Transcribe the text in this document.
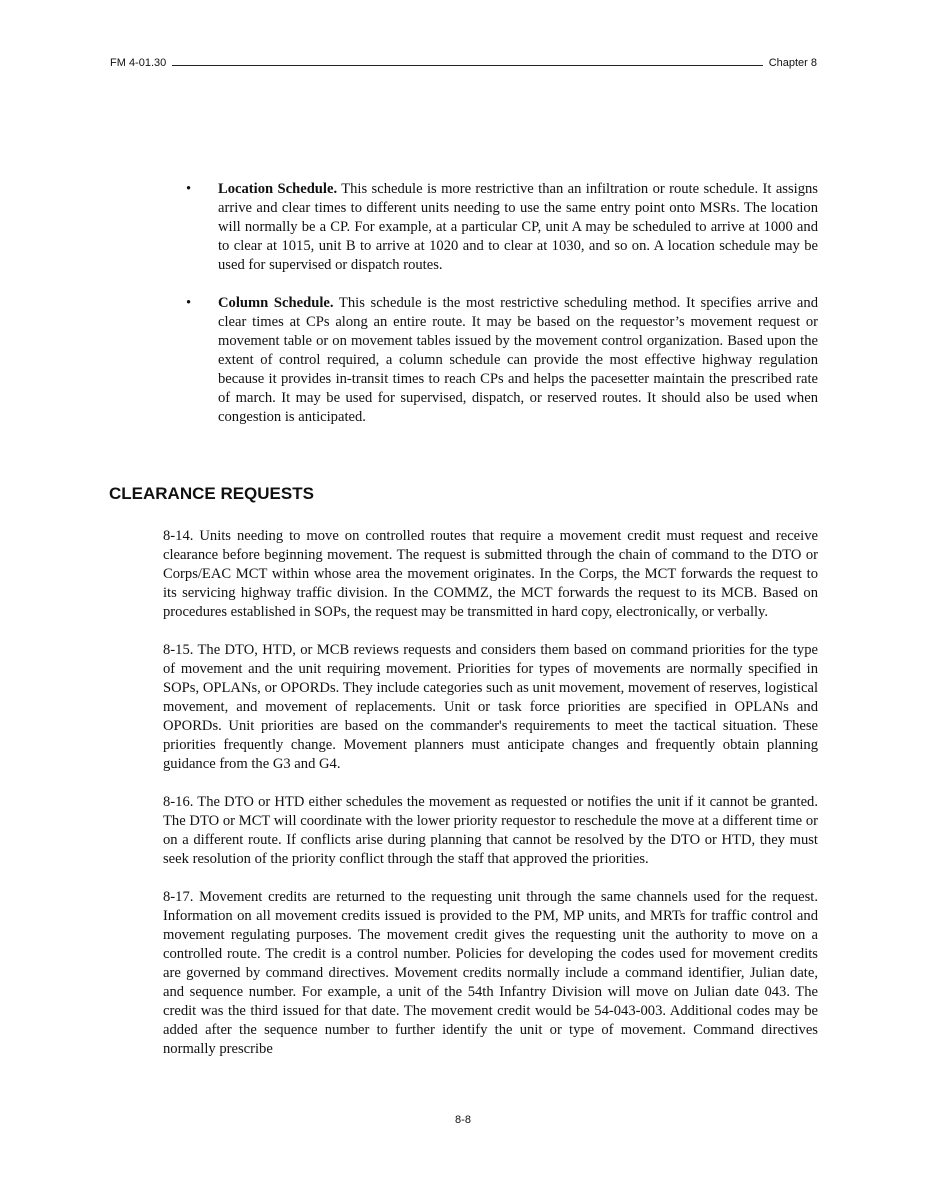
FM 4-01.30	Chapter 8
• Location Schedule. This schedule is more restrictive than an infiltration or route schedule. It assigns arrive and clear times to different units needing to use the same entry point onto MSRs. The location will normally be a CP. For example, at a particular CP, unit A may be scheduled to arrive at 1000 and to clear at 1015, unit B to arrive at 1020 and to clear at 1030, and so on. A location schedule may be used for supervised or dispatch routes.
• Column Schedule. This schedule is the most restrictive scheduling method. It specifies arrive and clear times at CPs along an entire route. It may be based on the requestor’s movement request or movement table or on movement tables issued by the movement control organization. Based upon the extent of control required, a column schedule can provide the most effective highway regulation because it provides in-transit times to reach CPs and helps the pacesetter maintain the prescribed rate of march. It may be used for supervised, dispatch, or reserved routes. It should also be used when congestion is anticipated.
CLEARANCE REQUESTS

8-14. Units needing to move on controlled routes that require a movement credit must request and receive clearance before beginning movement. The request is submitted through the chain of command to the DTO or Corps/EAC MCT within whose area the movement originates. In the Corps, the MCT forwards the request to its servicing highway traffic division. In the COMMZ, the MCT forwards the request to its MCB. Based on procedures established in SOPs, the request may be transmitted in hard copy, electronically, or verbally.

8-15. The DTO, HTD, or MCB reviews requests and considers them based on command priorities for the type of movement and the unit requiring movement. Priorities for types of movements are normally specified in SOPs, OPLANs, or OPORDs. They include categories such as unit movement, movement of reserves, logistical movement, and movement of replacements. Unit or task force priorities are specified in OPLANs and OPORDs. Unit priorities are based on the commander's requirements to meet the tactical situation. These priorities frequently change. Movement planners must anticipate changes and frequently obtain planning guidance from the G3 and G4.

8-16. The DTO or HTD either schedules the movement as requested or notifies the unit if it cannot be granted. The DTO or MCT will coordinate with the lower priority requestor to reschedule the move at a different time or on a different route. If conflicts arise during planning that cannot be resolved by the DTO or HTD, they must seek resolution of the priority conflict through the staff that approved the priorities.

8-17. Movement credits are returned to the requesting unit through the same channels used for the request. Information on all movement credits issued is provided to the PM, MP units, and MRTs for traffic control and movement regulating purposes. The movement credit gives the requesting unit the authority to move on a controlled route. The credit is a control number. Policies for developing the codes used for movement credits are governed by command directives. Movement credits normally include a command identifier, Julian date, and sequence number. For example, a unit of the 54th Infantry Division will move on Julian date 043. The credit was the third issued for that date. The movement credit would be 54-043-003. Additional codes may be added after the sequence number to further identify the unit or type of movement. Command directives normally prescribe

8-8
